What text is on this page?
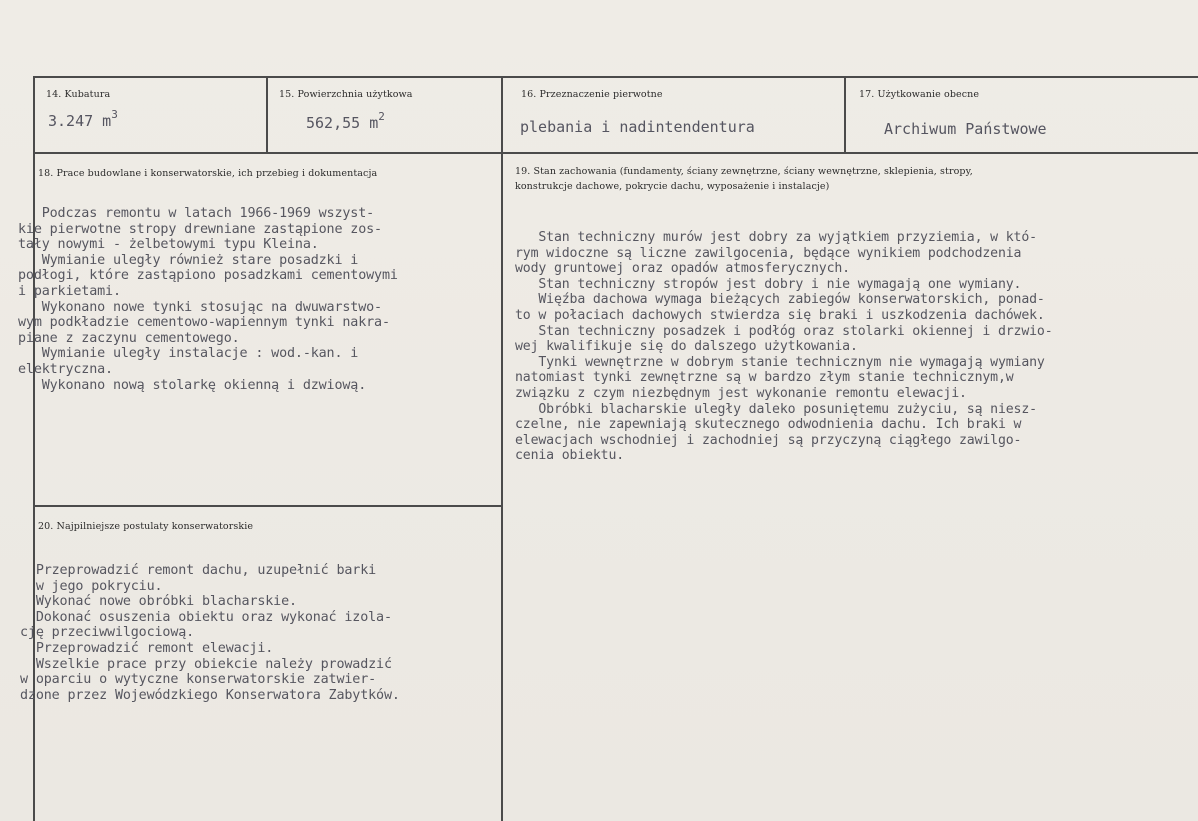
14. Kubatura
3.247 $m^3$
15. Powierzchnia użytkowa
562,55 $m^2$
16. Przeznaczenie pierwotne
plebania i nadintendentura
17. Użytkowanie obecne
Archiwum Państwowe
18. Prace budowlane i konserwatorskie, ich przebieg i dokumentacja
Podczas remontu w latach 1966-1969 wszyst-
kie pierwotne stropy drewniane zastąpione zos-
tały nowymi - żelbetowymi typu Kleina.
Wymianie uległy również stare posadzki i
podłogi, które zastąpiono posadzkami cementowymi
i parkietami.
Wykonano nowe tynki stosując na dwuwarstwo-
wym podkładzie cementowo-wapiennym tynki nakra-
piane z zaczynu cementowego.
Wymianie uległy instalacje : wod.-kan. i
elektryczna.
Wykonano nową stolarkę okienną i dzwiową.
19. Stan zachowania (fundamenty, ściany zewnętrzne, ściany wewnętrzne, sklepienia, stropy,
konstrukcje dachowe, pokrycie dachu, wyposażenie i instalacje)
Stan techniczny murów jest dobry za wyjątkiem przyziemia, w któ-
rym widoczne są liczne zawilgocenia, będące wynikiem podchodzenia
wody gruntowej oraz opadów atmosferycznych.
Stan techniczny stropów jest dobry i nie wymagają one wymiany.
Więźba dachowa wymaga bieżących zabiegów konserwatorskich, ponad-
to w połaciach dachowych stwierdza się braki i uszkodzenia dachówek.
Stan techniczny posadzek i podłóg oraz stolarki okiennej i drzwio-
wej kwalifikuje się do dalszego użytkowania.
Tynki wewnętrzne w dobrym stanie technicznym nie wymagają wymiany
natomiast tynki zewnętrzne są w bardzo złym stanie technicznym,w
związku z czym niezbędnym jest wykonanie remontu elewacji.
Obróbki blacharskie uległy daleko posuniętemu zużyciu, są niesz-
czelne, nie zapewniają skutecznego odwodnienia dachu. Ich braki w
elewacjach wschodniej i zachodniej są przyczyną ciągłego zawilgo-
cenia obiektu.
20. Najpilniejsze postulaty konserwatorskie
Przeprowadzić remont dachu, uzupełnić barki
w jego pokryciu.
Wykonać nowe obróbki blacharskie.
Dokonać osuszenia obiektu oraz wykonać izola-
cję przeciwwilgociową.
Przeprowadzić remont elewacji.
Wszelkie prace przy obiekcie należy prowadzić
w oparciu o wytyczne konserwatorskie zatwier-
dzone przez Wojewódzkiego Konserwatora Zabytków.
